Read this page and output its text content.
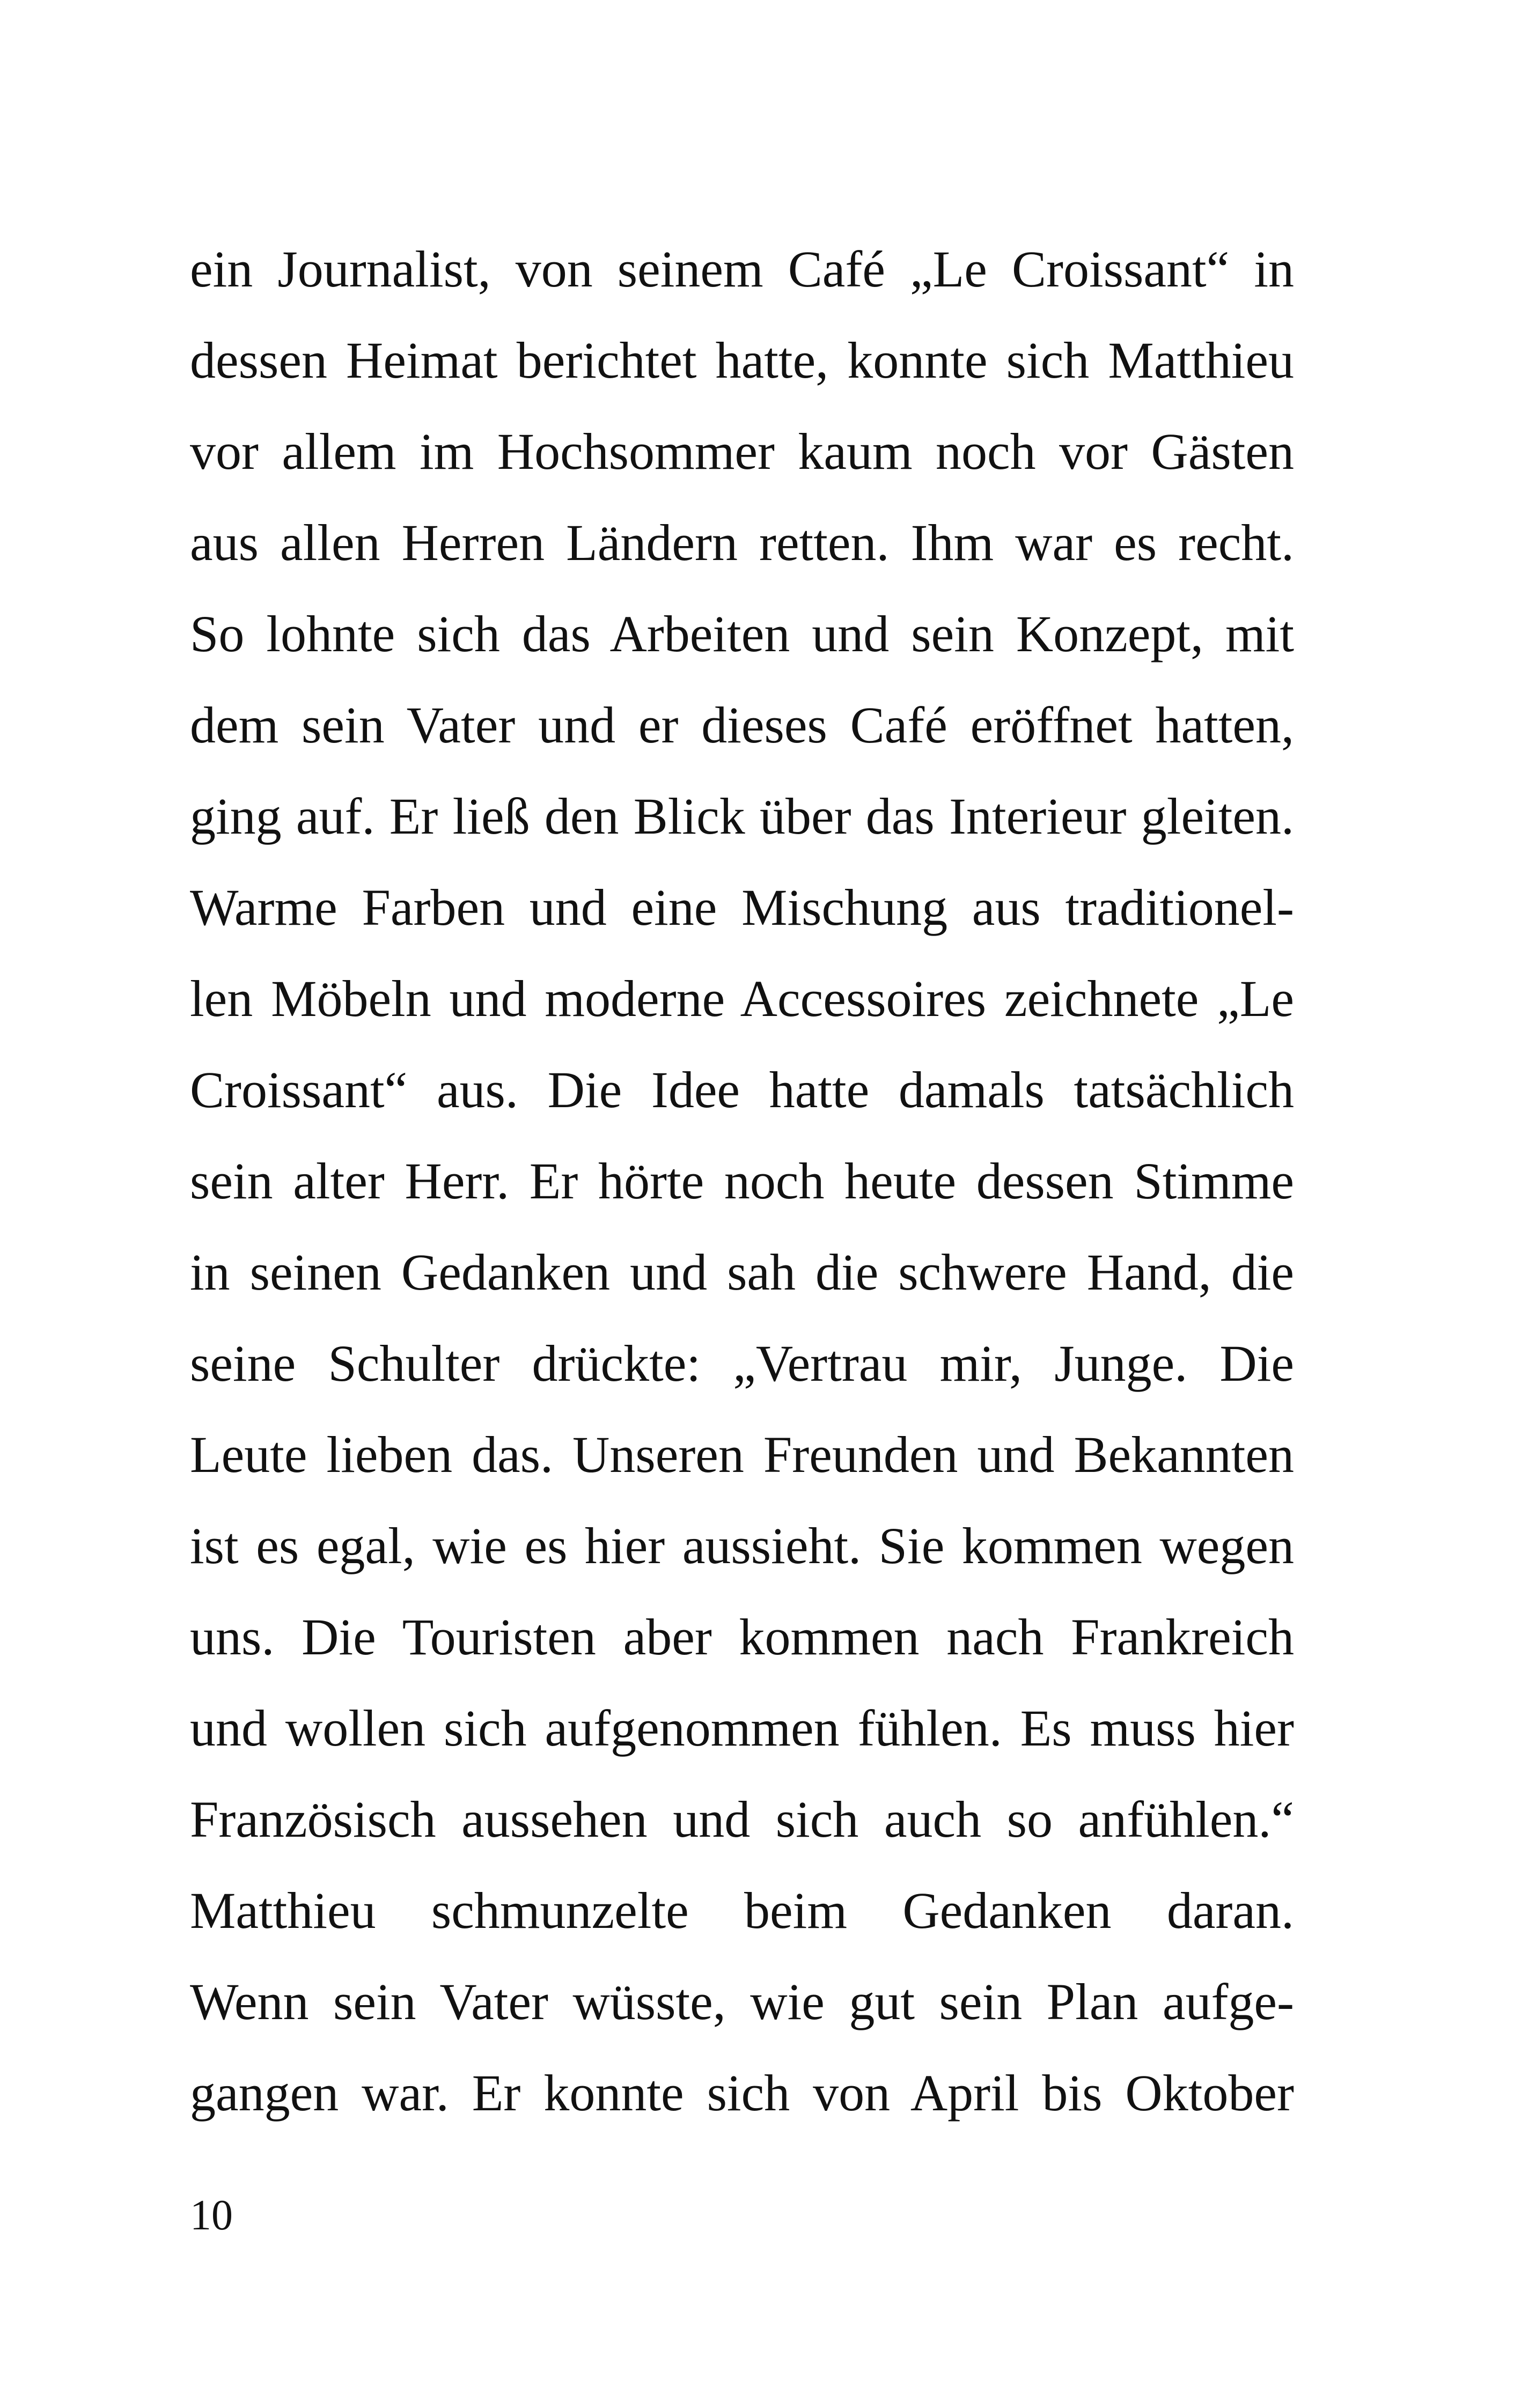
ein Journalist, von seinem Café „Le Croissant“ in
dessen Heimat berichtet hatte, konnte sich Matthieu
vor allem im Hochsommer kaum noch vor Gästen
aus allen Herren Ländern retten. Ihm war es recht.
So lohnte sich das Arbeiten und sein Konzept, mit
dem sein Vater und er dieses Café eröffnet hatten,
ging auf. Er ließ den Blick über das Interieur gleiten.
Warme Farben und eine Mischung aus traditionel-
len Möbeln und moderne Accessoires zeichnete „Le
Croissant“ aus. Die Idee hatte damals tatsächlich
sein alter Herr. Er hörte noch heute dessen Stimme
in seinen Gedanken und sah die schwere Hand, die
seine Schulter drückte: „Vertrau mir, Junge. Die
Leute lieben das. Unseren Freunden und Bekannten
ist es egal, wie es hier aussieht. Sie kommen wegen
uns. Die Touristen aber kommen nach Frankreich
und wollen sich aufgenommen fühlen. Es muss hier
Französisch aussehen und sich auch so anfühlen.“
Matthieu schmunzelte beim Gedanken daran.
Wenn sein Vater wüsste, wie gut sein Plan aufge-
gangen war. Er konnte sich von April bis Oktober
10
